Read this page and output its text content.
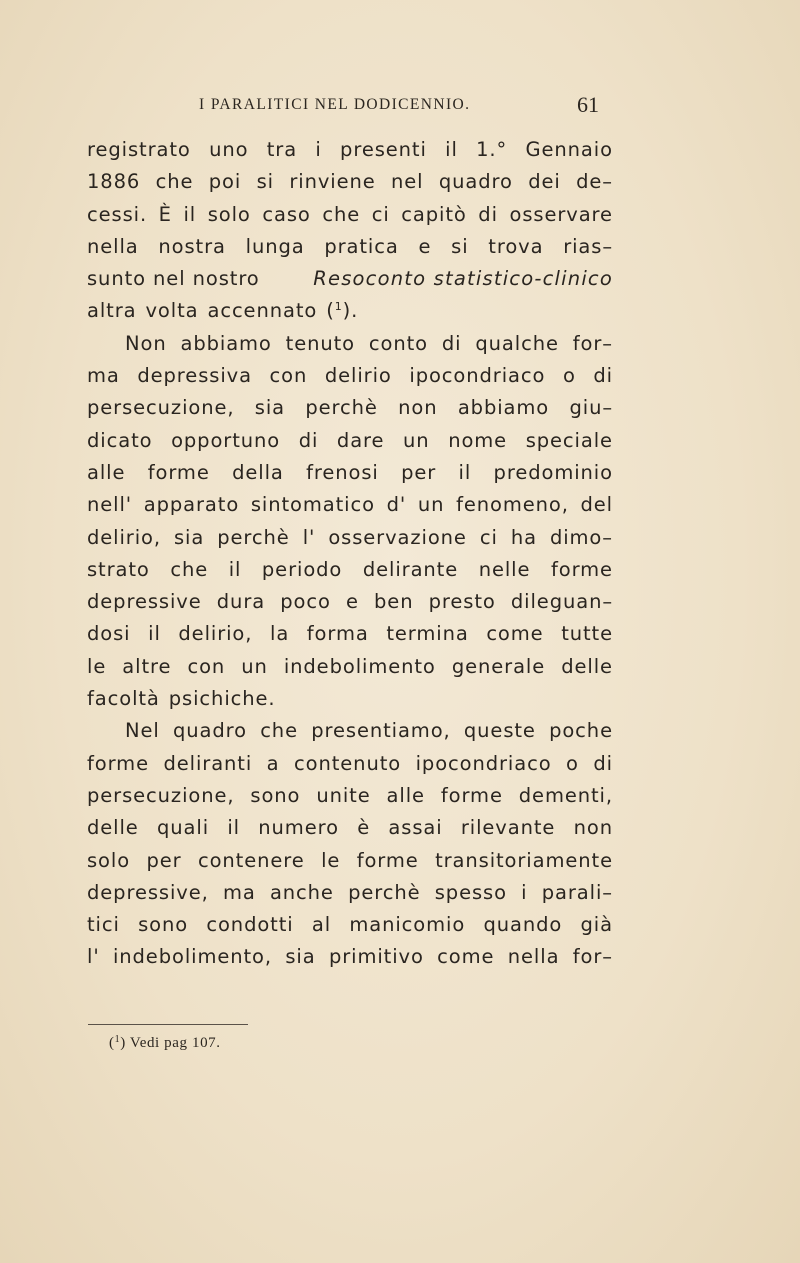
I PARALITICI NEL DODICENNIO.	61
registrato uno tra i presenti il 1.° Gennaio
1886 che poi si rinviene nel quadro dei de–
cessi. È il solo caso che ci capitò di osservare
nella nostra lunga pratica e si trova rias–
sunto nel nostro	Resoconto statistico-clinico
altra volta accennato ($^1$).
Non abbiamo tenuto conto di qualche for–
ma depressiva con delirio ipocondriaco o di
persecuzione, sia perchè non abbiamo giu–
dicato opportuno di dare un nome speciale
alle forme della frenosi per il predominio
nell' apparato sintomatico d' un fenomeno, del
delirio, sia perchè l' osservazione ci ha dimo–
strato che il periodo delirante nelle forme
depressive dura poco e ben presto dileguan–
dosi il delirio, la forma termina come tutte
le altre con un indebolimento generale delle
facoltà psichiche.
Nel quadro che presentiamo, queste poche
forme deliranti a contenuto ipocondriaco o di
persecuzione, sono unite alle forme dementi,
delle quali il numero è assai rilevante non
solo per contenere le forme transitoriamente
depressive, ma anche perchè spesso i parali–
tici sono condotti al manicomio quando già
l' indebolimento, sia primitivo come nella for–
($^1$) Vedi pag 107.
